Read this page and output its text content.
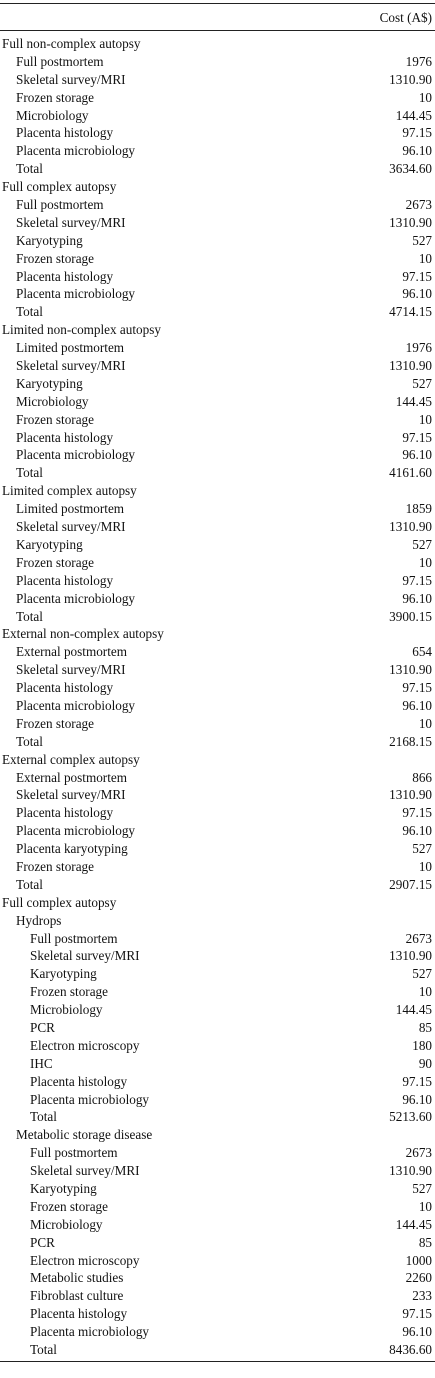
Cost (A$)
Full non-complex autopsy
Full postmortem	1976
Skeletal survey/MRI	1310.90
Frozen storage	10
Microbiology	144.45
Placenta histology	97.15
Placenta microbiology	96.10
Total	3634.60
Full complex autopsy
Full postmortem	2673
Skeletal survey/MRI	1310.90
Karyotyping	527
Frozen storage	10
Placenta histology	97.15
Placenta microbiology	96.10
Total	4714.15
Limited non-complex autopsy
Limited postmortem	1976
Skeletal survey/MRI	1310.90
Karyotyping	527
Microbiology	144.45
Frozen storage	10
Placenta histology	97.15
Placenta microbiology	96.10
Total	4161.60
Limited complex autopsy
Limited postmortem	1859
Skeletal survey/MRI	1310.90
Karyotyping	527
Frozen storage	10
Placenta histology	97.15
Placenta microbiology	96.10
Total	3900.15
External non-complex autopsy
External postmortem	654
Skeletal survey/MRI	1310.90
Placenta histology	97.15
Placenta microbiology	96.10
Frozen storage	10
Total	2168.15
External complex autopsy
External postmortem	866
Skeletal survey/MRI	1310.90
Placenta histology	97.15
Placenta microbiology	96.10
Placenta karyotyping	527
Frozen storage	10
Total	2907.15
Full complex autopsy
Hydrops
Full postmortem	2673
Skeletal survey/MRI	1310.90
Karyotyping	527
Frozen storage	10
Microbiology	144.45
PCR	85
Electron microscopy	180
IHC	90
Placenta histology	97.15
Placenta microbiology	96.10
Total	5213.60
Metabolic storage disease
Full postmortem	2673
Skeletal survey/MRI	1310.90
Karyotyping	527
Frozen storage	10
Microbiology	144.45
PCR	85
Electron microscopy	1000
Metabolic studies	2260
Fibroblast culture	233
Placenta histology	97.15
Placenta microbiology	96.10
Total	8436.60
